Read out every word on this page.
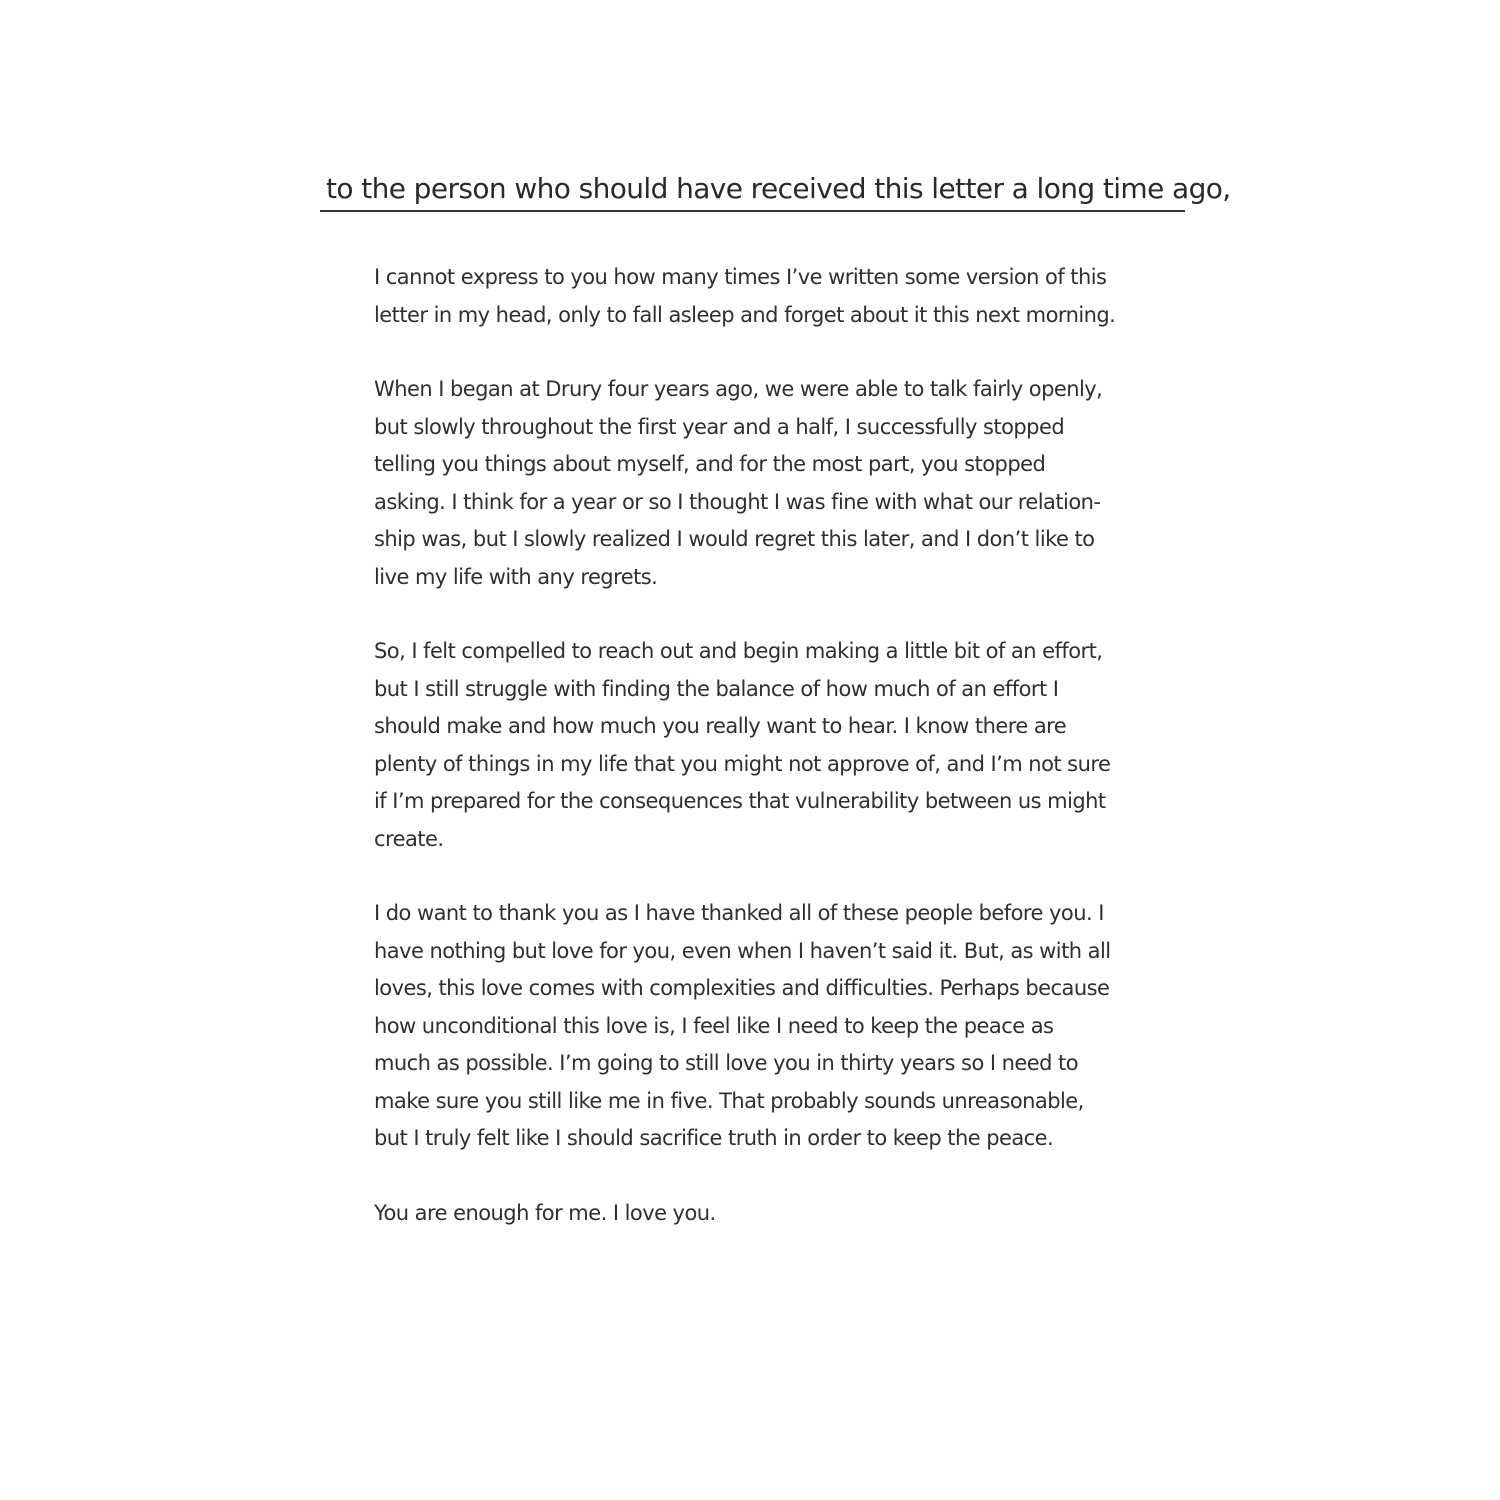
to the person who should have received this letter a long time ago,

I cannot express to you how many times I’ve written some version of this
letter in my head, only to fall asleep and forget about it this next morning.

When I began at Drury four years ago, we were able to talk fairly openly,
but slowly throughout the first year and a half, I successfully stopped
telling you things about myself, and for the most part, you stopped
asking. I think for a year or so I thought I was fine with what our relation-
ship was, but I slowly realized I would regret this later, and I don’t like to
live my life with any regrets.

So, I felt compelled to reach out and begin making a little bit of an effort,
but I still struggle with finding the balance of how much of an effort I
should make and how much you really want to hear. I know there are
plenty of things in my life that you might not approve of, and I’m not sure
if I’m prepared for the consequences that vulnerability between us might
create.

I do want to thank you as I have thanked all of these people before you. I
have nothing but love for you, even when I haven’t said it. But, as with all
loves, this love comes with complexities and difficulties. Perhaps because
how unconditional this love is, I feel like I need to keep the peace as
much as possible. I’m going to still love you in thirty years so I need to
make sure you still like me in five. That probably sounds unreasonable,
but I truly felt like I should sacrifice truth in order to keep the peace.

You are enough for me. I love you.
